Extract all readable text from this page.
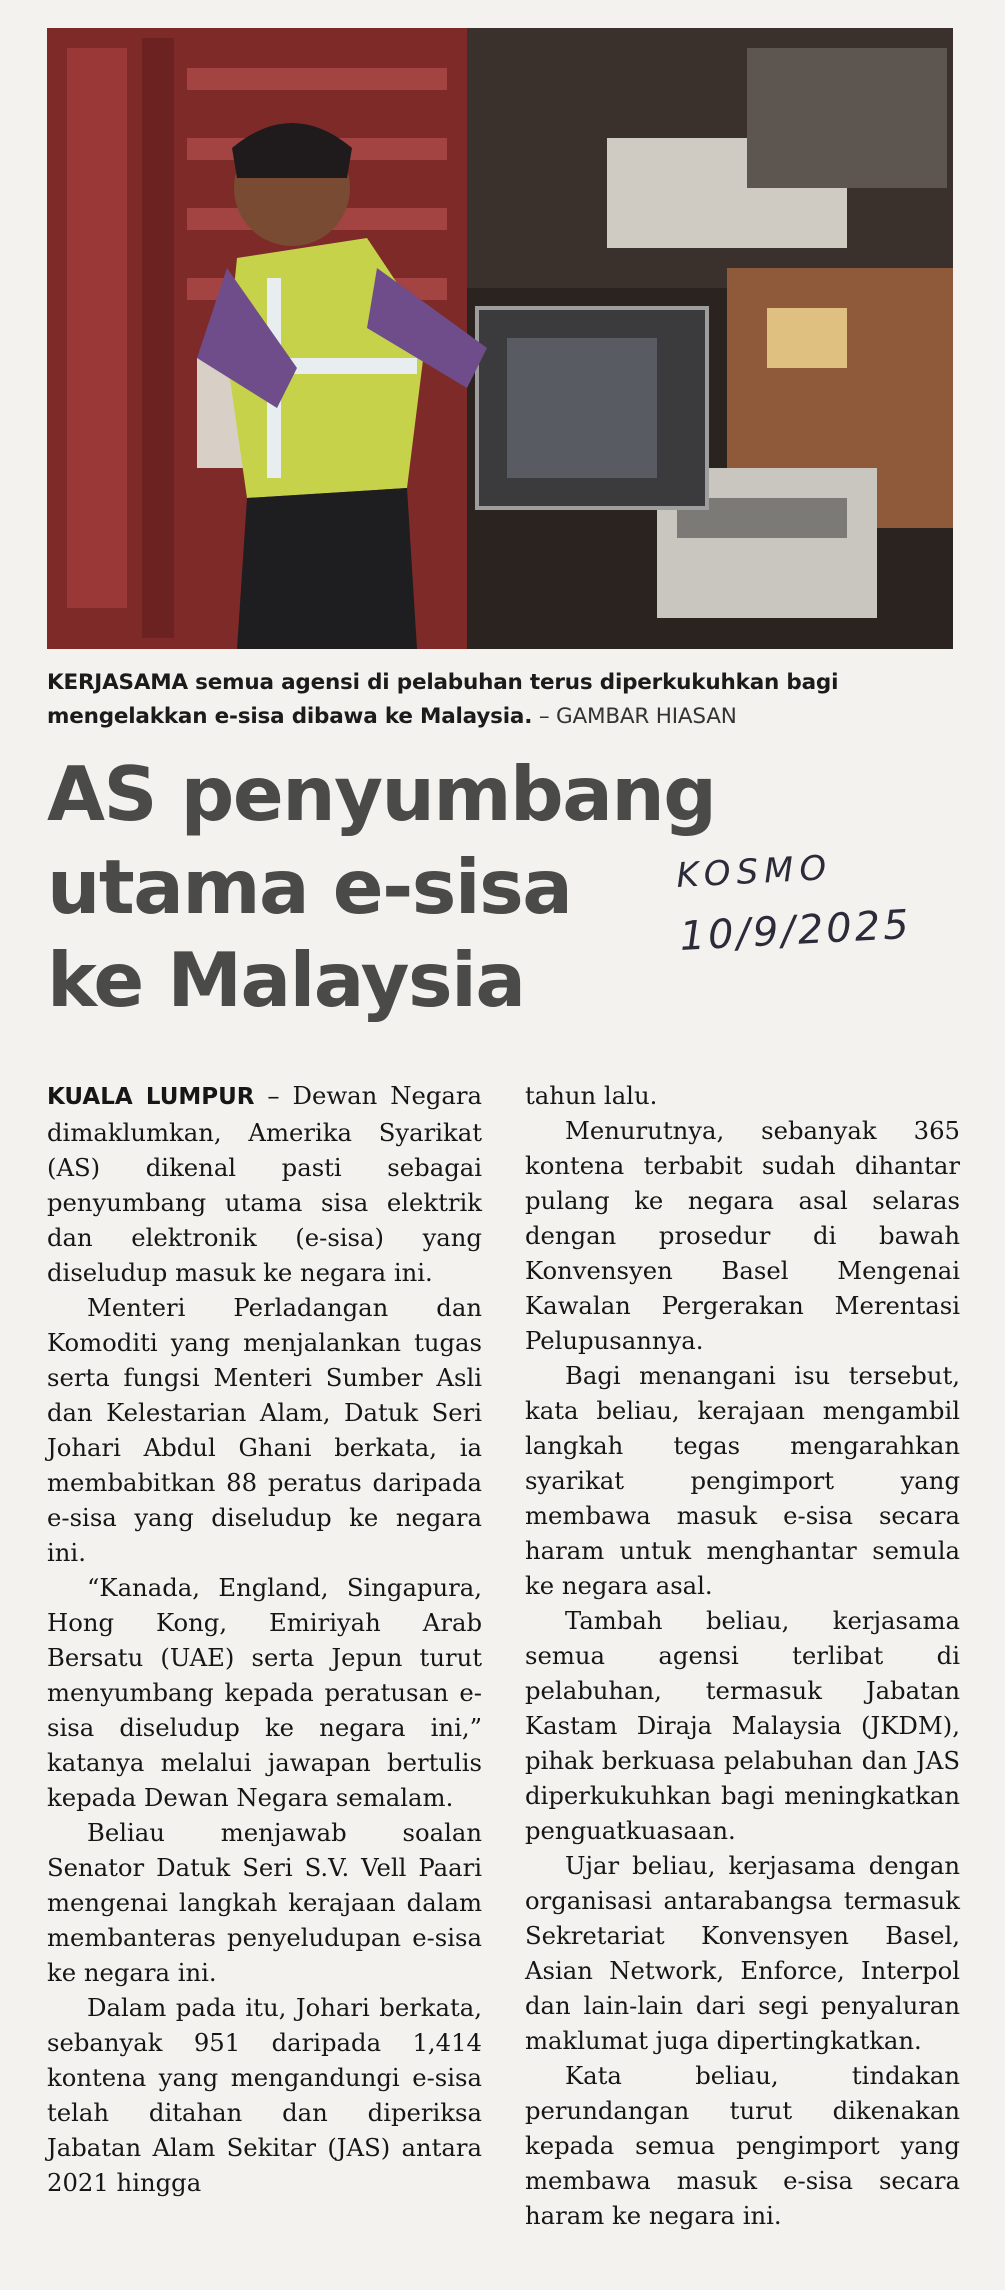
KERJASAMA semua agensi di pelabuhan terus diperkukuhkan bagi mengelakkan e-sisa dibawa ke Malaysia. – GAMBAR HIASAN
AS penyumbang
utama e-sisa
ke Malaysia
KOSMO
10/9/2025

KUALA LUMPUR – Dewan Negara dimaklumkan, Amerika Syarikat (AS) dikenal pasti sebagai penyumbang utama sisa elektrik dan elektronik (e-sisa) yang diseludup masuk ke negara ini.

Menteri Perladangan dan Komoditi yang menjalankan tugas serta fungsi Menteri Sumber Asli dan Kelestarian Alam, Datuk Seri Johari Abdul Ghani berkata, ia membabitkan 88 peratus daripada e-sisa yang diseludup ke negara ini.

“Kanada, England, Singapura, Hong Kong, Emiriyah Arab Bersatu (UAE) serta Jepun turut menyumbang kepada peratusan e-sisa diseludup ke negara ini,” katanya melalui jawapan bertulis kepada Dewan Negara semalam.

Beliau menjawab soalan Senator Datuk Seri S.V. Vell Paari mengenai langkah kerajaan dalam membanteras penyeludupan e-sisa ke negara ini.

Dalam pada itu, Johari berkata, sebanyak 951 daripada 1,414 kontena yang mengandungi e-sisa telah ditahan dan diperiksa Jabatan Alam Sekitar (JAS) antara 2021 hingga

tahun lalu.

Menurutnya, sebanyak 365 kontena terbabit sudah dihantar pulang ke negara asal selaras dengan prosedur di bawah Konvensyen Basel Mengenai Kawalan Pergerakan Merentasi Pelupusannya.

Bagi menangani isu tersebut, kata beliau, kerajaan mengambil langkah tegas mengarahkan syarikat pengimport yang membawa masuk e-sisa secara haram untuk menghantar semula ke negara asal.

Tambah beliau, kerjasama semua agensi terlibat di pelabuhan, termasuk Jabatan Kastam Diraja Malaysia (JKDM), pihak berkuasa pelabuhan dan JAS diperkukuhkan bagi meningkatkan penguatkuasaan.

Ujar beliau, kerjasama dengan organisasi antarabangsa termasuk Sekretariat Konvensyen Basel, Asian Network, Enforce, Interpol dan lain-lain dari segi penyaluran maklumat juga dipertingkatkan.

Kata beliau, tindakan perundangan turut dikenakan kepada semua pengimport yang membawa masuk e-sisa secara haram ke negara ini.
